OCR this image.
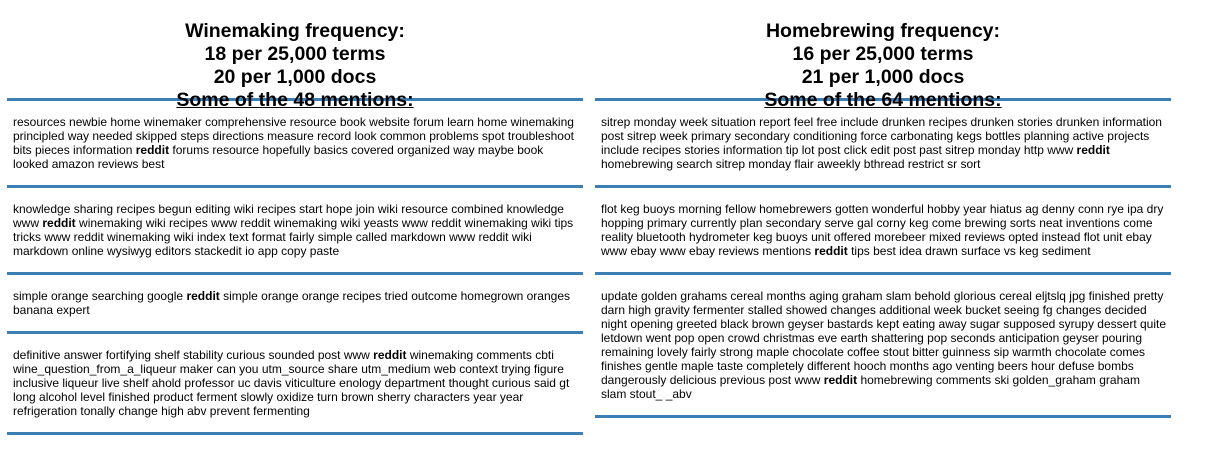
Winemaking frequency:
18 per 25,000 terms
20 per 1,000 docs
Some of the 48 mentions:
resources newbie home winemaker comprehensive resource book website forum learn home winemaking principled way needed skipped steps directions measure record look common problems spot troubleshoot bits pieces information reddit forums resource hopefully basics covered organized way maybe book looked amazon reviews best
knowledge sharing recipes begun editing wiki recipes start hope join wiki resource combined knowledge www reddit winemaking wiki recipes www reddit winemaking wiki yeasts www reddit winemaking wiki tips tricks www reddit winemaking wiki index text format fairly simple called markdown www reddit wiki markdown online wysiwyg editors stackedit io app copy paste
simple orange searching google reddit simple orange orange recipes tried outcome homegrown oranges banana expert
definitive answer fortifying shelf stability curious sounded post www reddit winemaking comments cbti wine_question_from_a_liqueur maker can you utm_source share utm_medium web context trying figure inclusive liqueur live shelf ahold professor uc davis viticulture enology department thought curious said gt long alcohol level finished product ferment slowly oxidize turn brown sherry characters year year refrigeration tonally change high abv prevent fermenting
Homebrewing frequency:
16 per 25,000 terms
21 per 1,000 docs
Some of the 64 mentions:
sitrep monday week situation report feel free include drunken recipes drunken stories drunken information post sitrep week primary secondary conditioning force carbonating kegs bottles planning active projects include recipes stories information tip lot post click edit post past sitrep monday http www reddit homebrewing search sitrep monday flair aweekly bthread restrict sr sort
flot keg buoys morning fellow homebrewers gotten wonderful hobby year hiatus ag denny conn rye ipa dry hopping primary currently plan secondary serve gal corny keg come brewing sorts neat inventions come reality bluetooth hydrometer keg buoys unit offered morebeer mixed reviews opted instead flot unit ebay www ebay www ebay reviews mentions reddit tips best idea drawn surface vs keg sediment
update golden grahams cereal months aging graham slam behold glorious cereal eljtslq jpg finished pretty darn high gravity fermenter stalled showed changes additional week bucket seeing fg changes decided night opening greeted black brown geyser bastards kept eating away sugar supposed syrupy dessert quite letdown went pop open crowd christmas eve earth shattering pop seconds anticipation geyser pouring remaining lovely fairly strong maple chocolate coffee stout bitter guinness sip warmth chocolate comes finishes gentle maple taste completely different hooch months ago venting beers hour defuse bombs dangerously delicious previous post www reddit homebrewing comments ski golden_graham graham slam stout_ _abv
